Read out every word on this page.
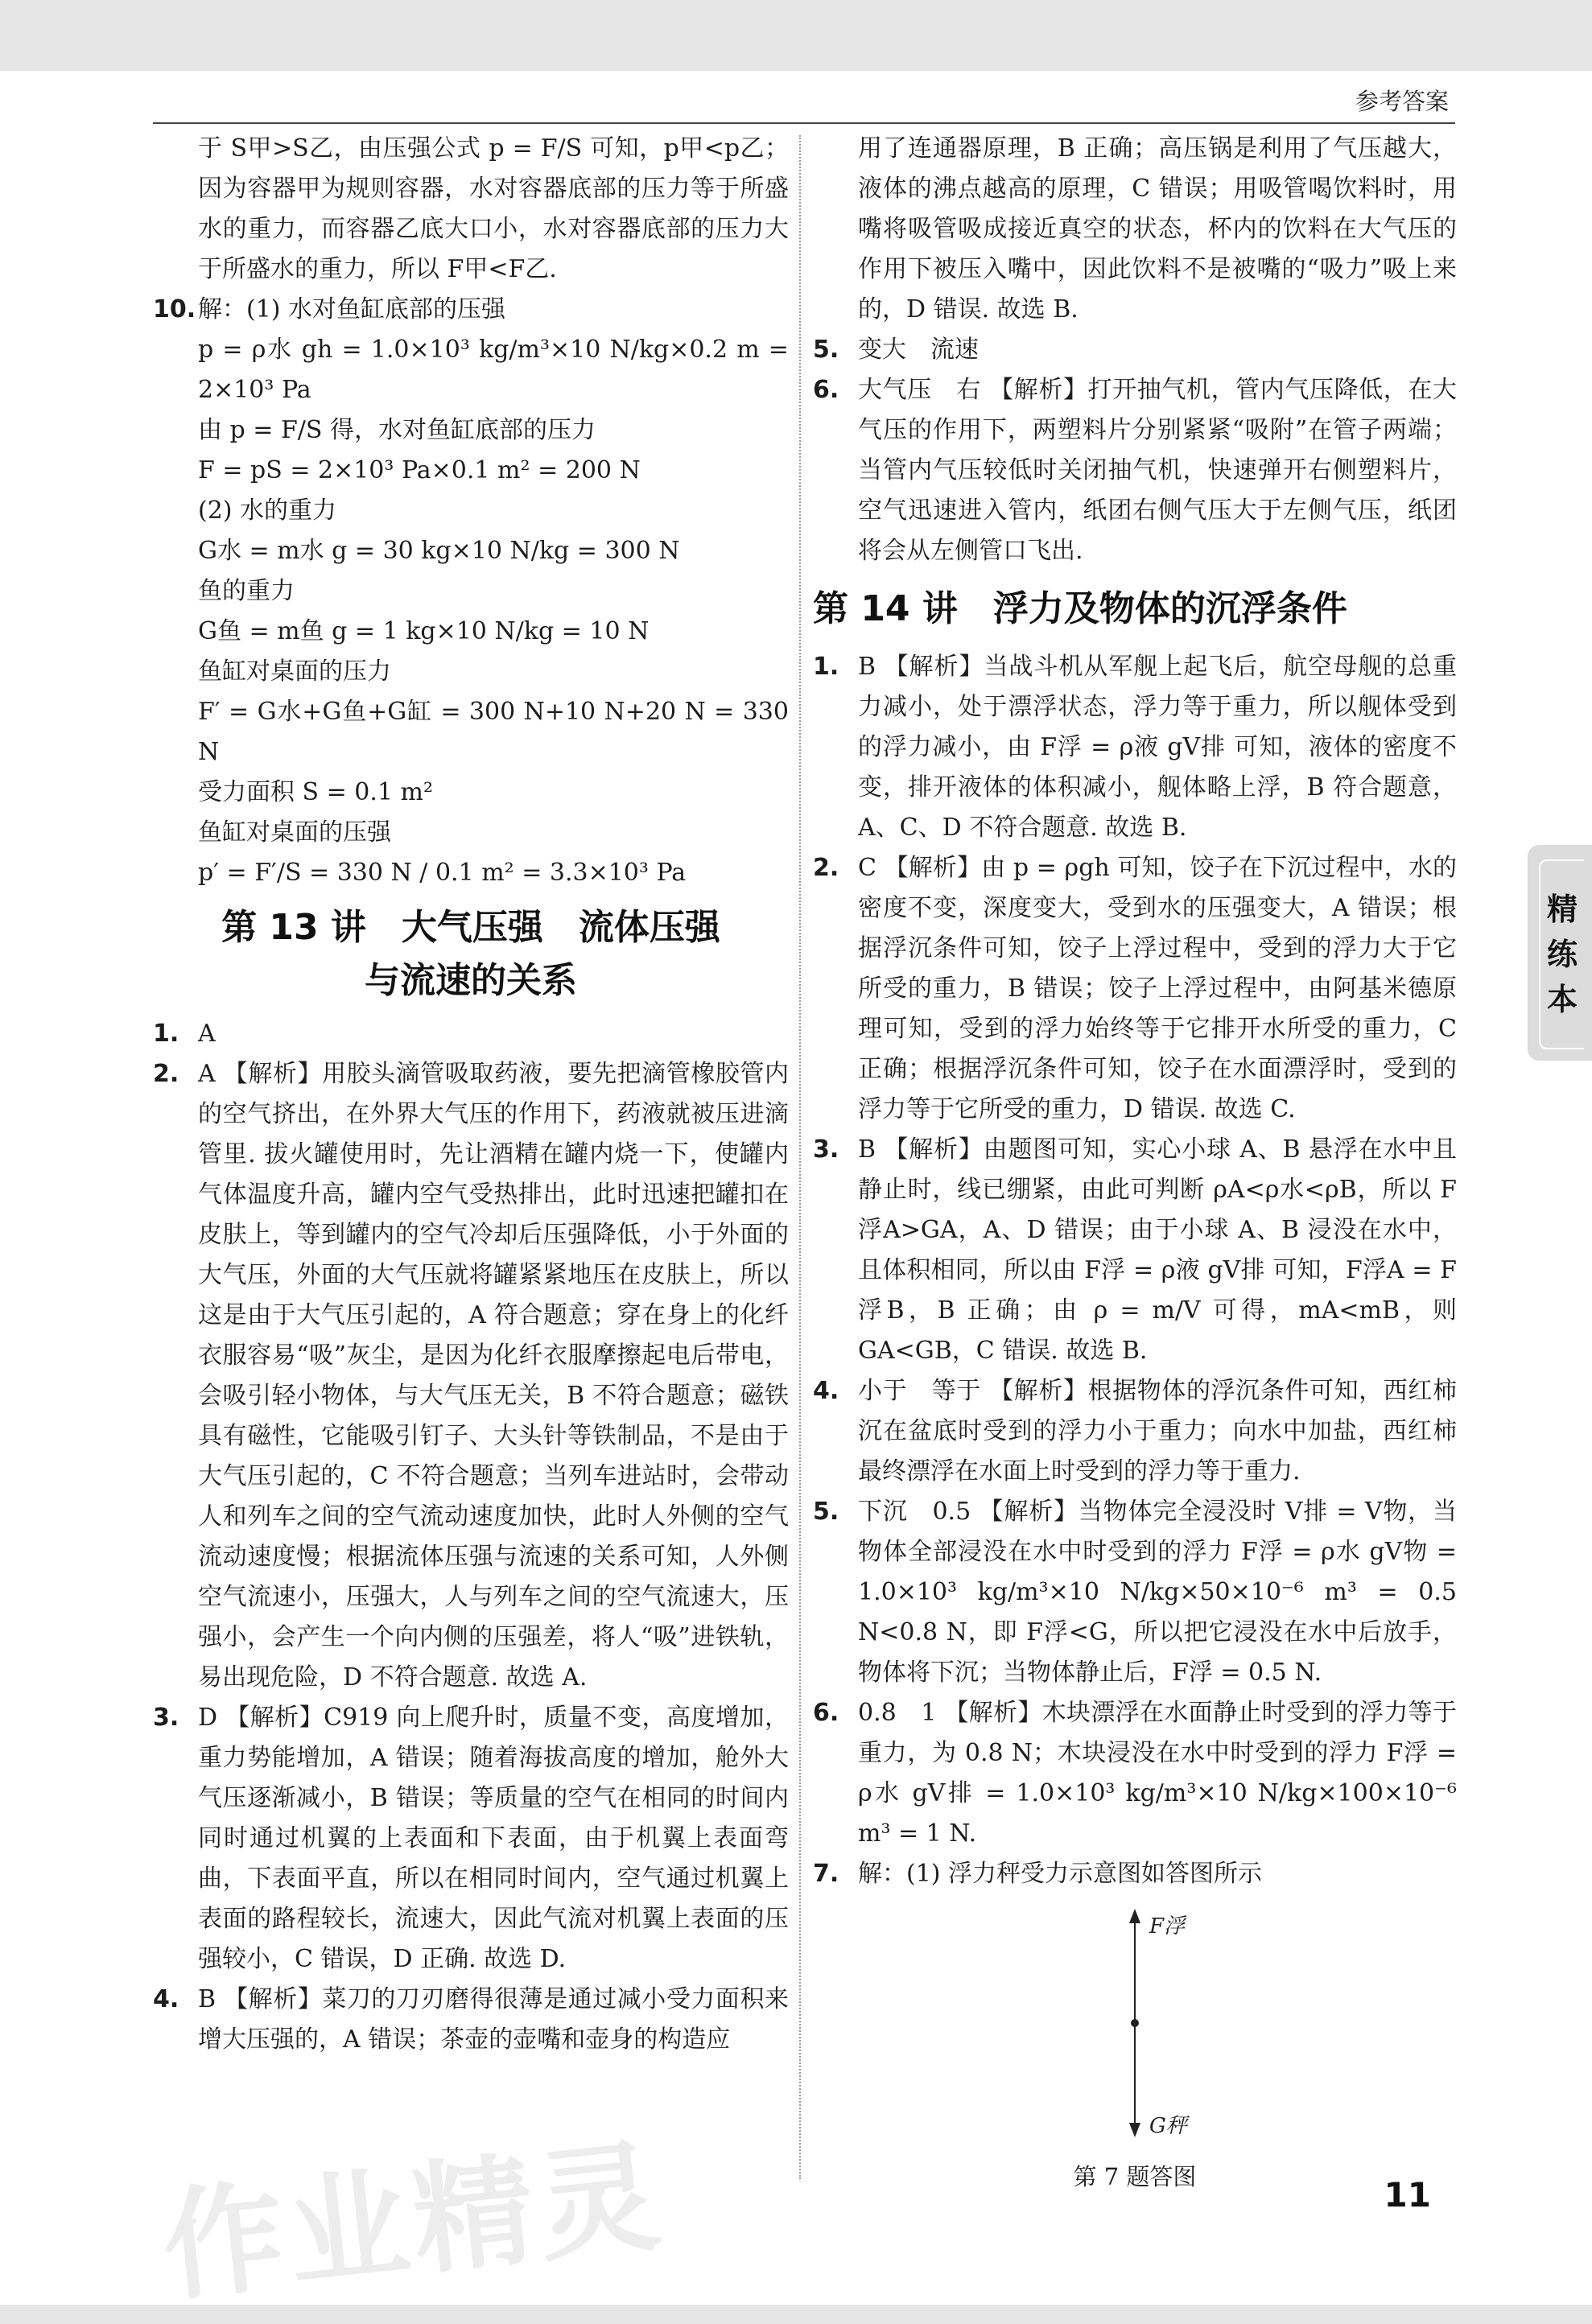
参考答案

于 S甲>S乙，由压强公式 p = F/S 可知，p甲<p乙；因为容器甲为规则容器，水对容器底部的压力等于所盛水的重力，而容器乙底大口小，水对容器底部的压力大于所盛水的重力，所以 F甲<F乙.

10. 解：(1) 水对鱼缸底部的压强

p = ρ水 gh = 1.0×10³ kg/m³×10 N/kg×0.2 m = 2×10³ Pa

由 p = F/S 得，水对鱼缸底部的压力

F = pS = 2×10³ Pa×0.1 m² = 200 N

(2) 水的重力

G水 = m水 g = 30 kg×10 N/kg = 300 N

鱼的重力

G鱼 = m鱼 g = 1 kg×10 N/kg = 10 N

鱼缸对桌面的压力

F′ = G水+G鱼+G缸 = 300 N+10 N+20 N = 330 N

受力面积 S = 0.1 m²

鱼缸对桌面的压强

p′ = F′/S = 330 N / 0.1 m² = 3.3×10³ Pa

第 13 讲　大气压强　流体压强
与流速的关系
1. A

2. A 【解析】用胶头滴管吸取药液，要先把滴管橡胶管内的空气挤出，在外界大气压的作用下，药液就被压进滴管里. 拔火罐使用时，先让酒精在罐内烧一下，使罐内气体温度升高，罐内空气受热排出，此时迅速把罐扣在皮肤上，等到罐内的空气冷却后压强降低，小于外面的大气压，外面的大气压就将罐紧紧地压在皮肤上，所以这是由于大气压引起的，A 符合题意；穿在身上的化纤衣服容易“吸”灰尘，是因为化纤衣服摩擦起电后带电，会吸引轻小物体，与大气压无关，B 不符合题意；磁铁具有磁性，它能吸引钉子、大头针等铁制品，不是由于大气压引起的，C 不符合题意；当列车进站时，会带动人和列车之间的空气流动速度加快，此时人外侧的空气流动速度慢；根据流体压强与流速的关系可知，人外侧空气流速小，压强大，人与列车之间的空气流速大，压强小，会产生一个向内侧的压强差，将人“吸”进铁轨，易出现危险，D 不符合题意. 故选 A.

3. D 【解析】C919 向上爬升时，质量不变，高度增加，重力势能增加，A 错误；随着海拔高度的增加，舱外大气压逐渐减小，B 错误；等质量的空气在相同的时间内同时通过机翼的上表面和下表面，由于机翼上表面弯曲，下表面平直，所以在相同时间内，空气通过机翼上表面的路程较长，流速大，因此气流对机翼上表面的压强较小，C 错误，D 正确. 故选 D.

4. B 【解析】菜刀的刀刃磨得很薄是通过减小受力面积来增大压强的，A 错误；茶壶的壶嘴和壶身的构造应

用了连通器原理，B 正确；高压锅是利用了气压越大，液体的沸点越高的原理，C 错误；用吸管喝饮料时，用嘴将吸管吸成接近真空的状态，杯内的饮料在大气压的作用下被压入嘴中，因此饮料不是被嘴的“吸力”吸上来的，D 错误. 故选 B.

5. 变大　流速

6. 大气压　右 【解析】打开抽气机，管内气压降低，在大气压的作用下，两塑料片分别紧紧“吸附”在管子两端；当管内气压较低时关闭抽气机，快速弹开右侧塑料片，空气迅速进入管内，纸团右侧气压大于左侧气压，纸团将会从左侧管口飞出.

第 14 讲　浮力及物体的沉浮条件
1. B 【解析】当战斗机从军舰上起飞后，航空母舰的总重力减小，处于漂浮状态，浮力等于重力，所以舰体受到的浮力减小，由 F浮 = ρ液 gV排 可知，液体的密度不变，排开液体的体积减小，舰体略上浮，B 符合题意，A、C、D 不符合题意. 故选 B.

2. C 【解析】由 p = ρgh 可知，饺子在下沉过程中，水的密度不变，深度变大，受到水的压强变大，A 错误；根据浮沉条件可知，饺子上浮过程中，受到的浮力大于它所受的重力，B 错误；饺子上浮过程中，由阿基米德原理可知，受到的浮力始终等于它排开水所受的重力，C 正确；根据浮沉条件可知，饺子在水面漂浮时，受到的浮力等于它所受的重力，D 错误. 故选 C.

3. B 【解析】由题图可知，实心小球 A、B 悬浮在水中且静止时，线已绷紧，由此可判断 ρA<ρ水<ρB，所以 F浮A>GA，A、D 错误；由于小球 A、B 浸没在水中，且体积相同，所以由 F浮 = ρ液 gV排 可知，F浮A = F浮B，B 正确；由 ρ = m/V 可得，mA<mB，则 GA<GB，C 错误. 故选 B.

4. 小于　等于 【解析】根据物体的浮沉条件可知，西红柿沉在盆底时受到的浮力小于重力；向水中加盐，西红柿最终漂浮在水面上时受到的浮力等于重力.

5. 下沉　0.5 【解析】当物体完全浸没时 V排 = V物，当物体全部浸没在水中时受到的浮力 F浮 = ρ水 gV物 = 1.0×10³ kg/m³×10 N/kg×50×10⁻⁶ m³ = 0.5 N<0.8 N，即 F浮<G，所以把它浸没在水中后放手，物体将下沉；当物体静止后，F浮 = 0.5 N.

6. 0.8　1 【解析】木块漂浮在水面静止时受到的浮力等于重力，为 0.8 N；木块浸没在水中时受到的浮力 F浮 = ρ水 gV排 = 1.0×10³ kg/m³×10 N/kg×100×10⁻⁶ m³ = 1 N.

7. 解：(1) 浮力秤受力示意图如答图所示

F浮
G秤
第 7 题答图
精练本
作业精灵	11
